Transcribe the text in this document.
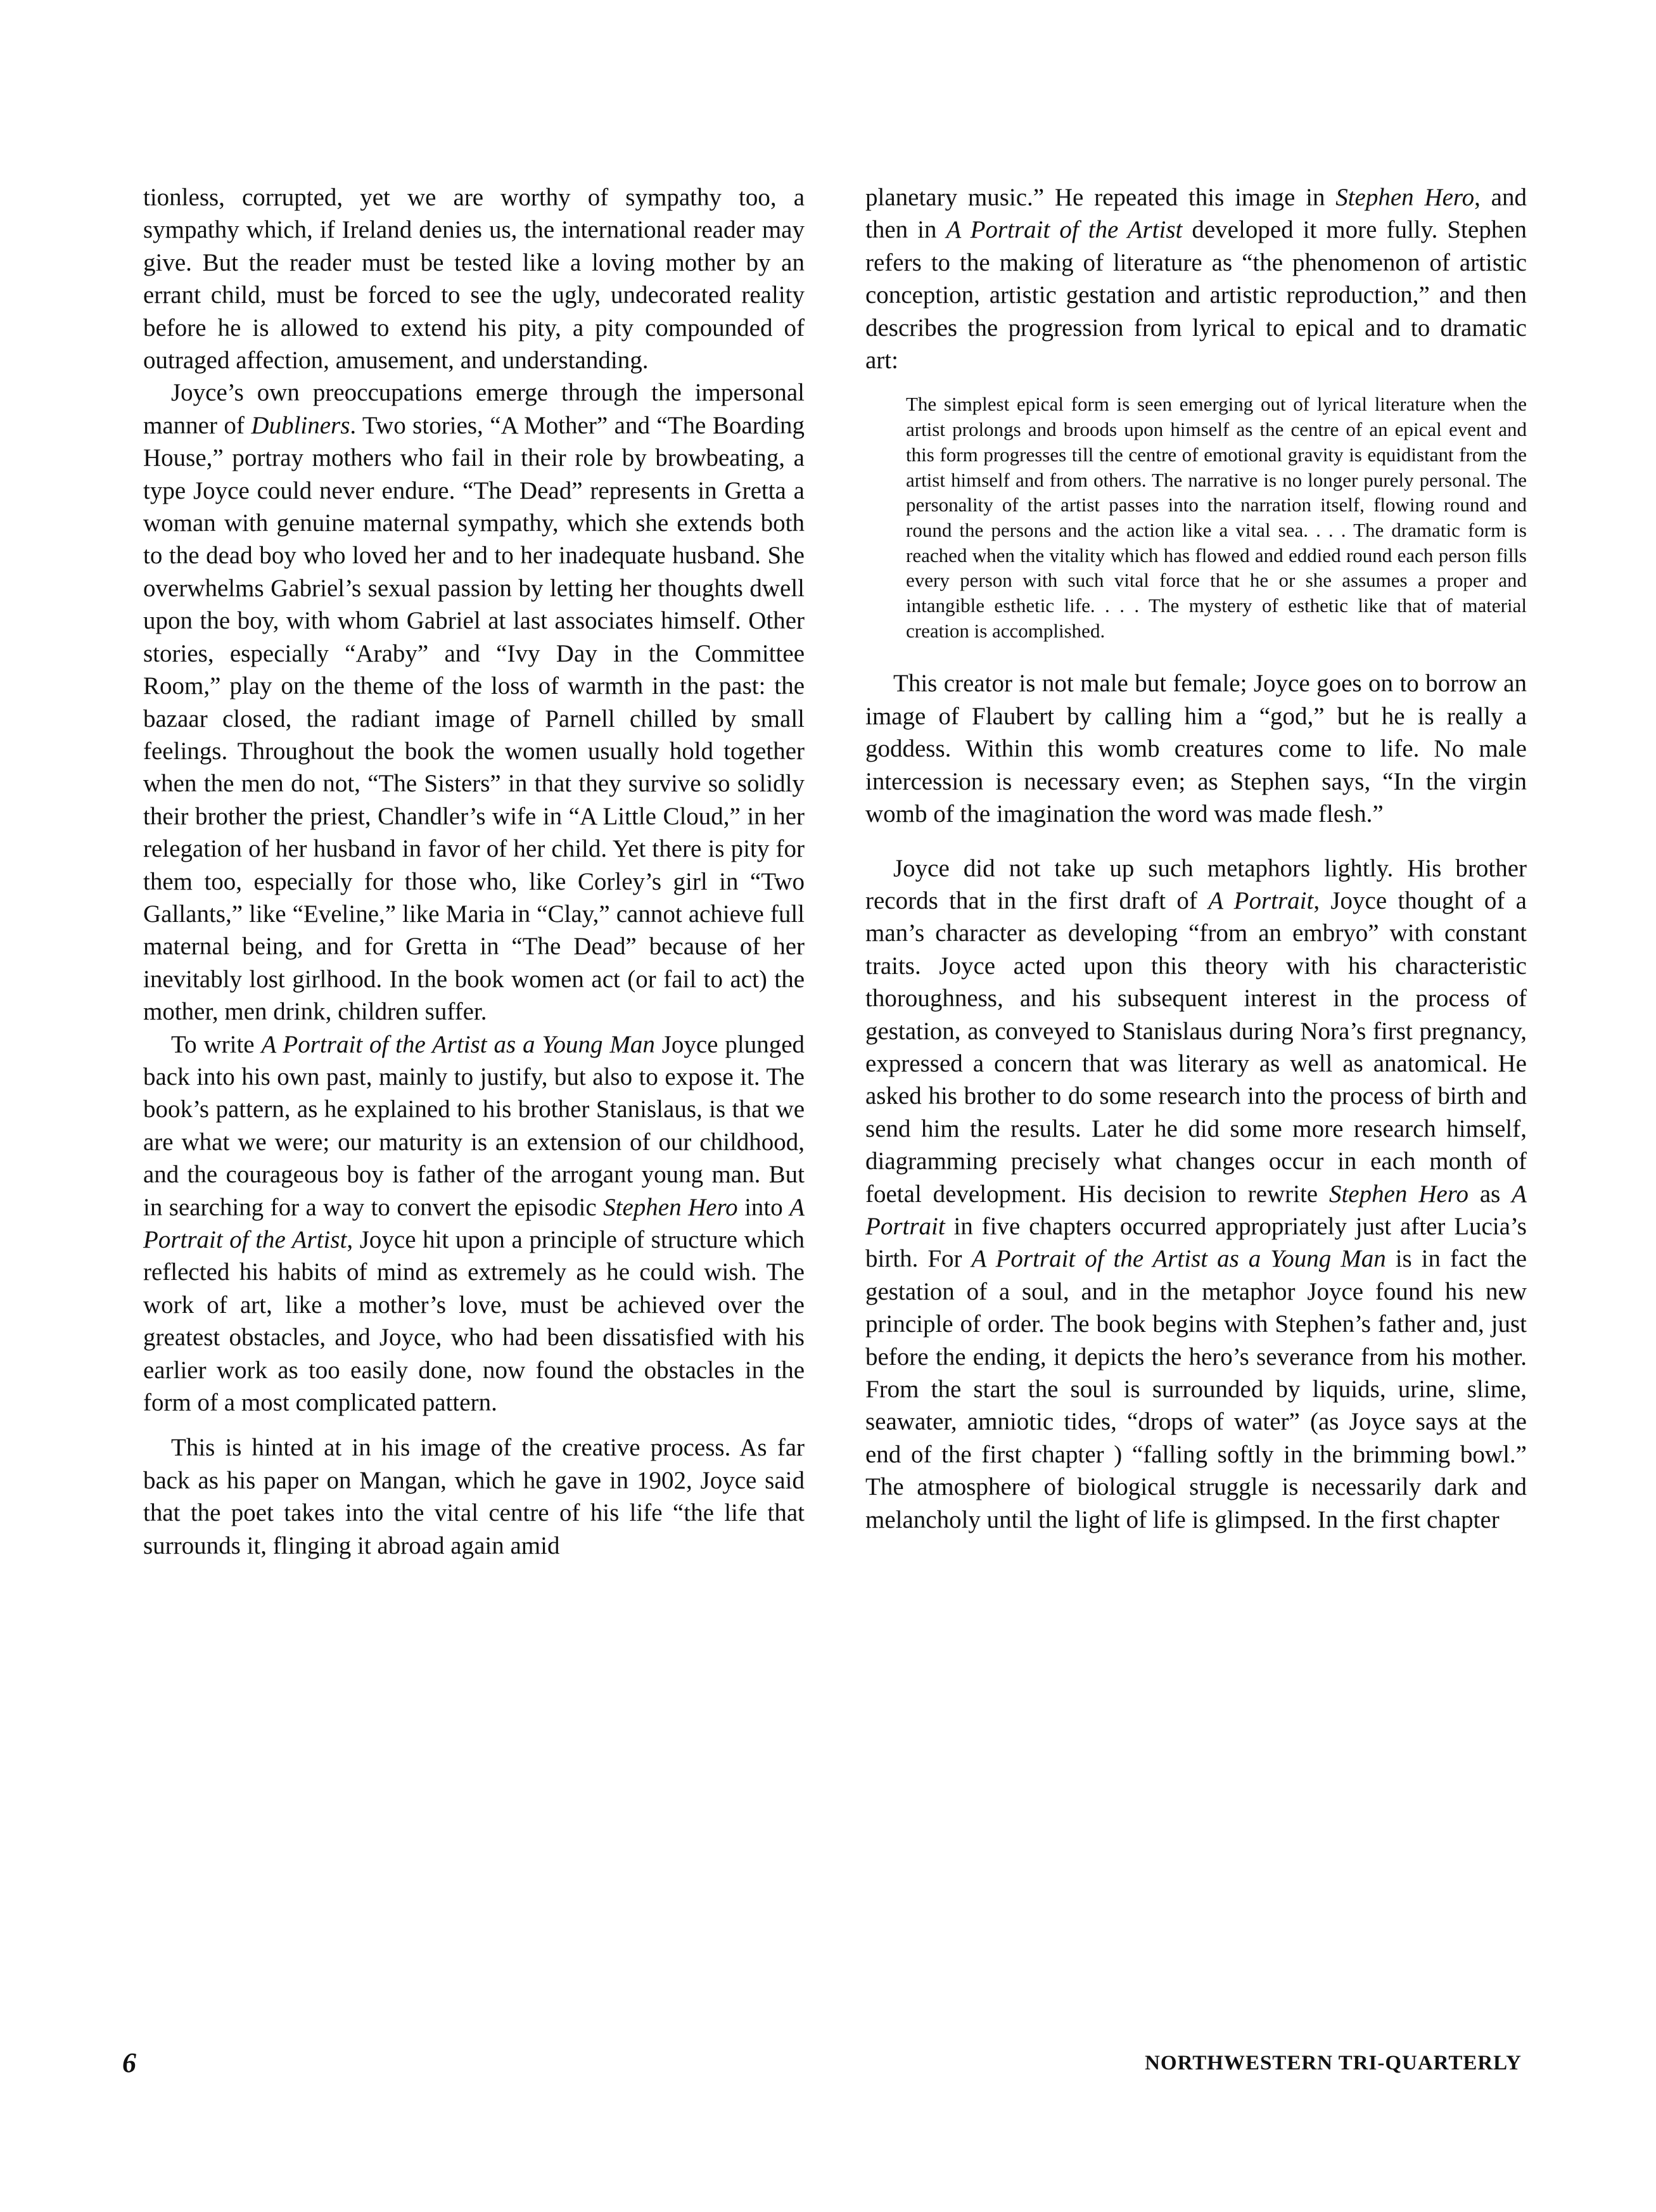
tionless, corrupted, yet we are worthy of sympathy too, a sympathy which, if Ireland denies us, the international reader may give. But the reader must be tested like a loving mother by an errant child, must be forced to see the ugly, undecorated reality before he is allowed to extend his pity, a pity compounded of outraged affection, amusement, and understanding.

Joyce’s own preoccupations emerge through the impersonal manner of Dubliners. Two stories, “A Mother” and “The Boarding House,” portray mothers who fail in their role by browbeating, a type Joyce could never endure. “The Dead” represents in Gretta a woman with genuine maternal sympathy, which she extends both to the dead boy who loved her and to her inadequate husband. She overwhelms Gabriel’s sexual passion by letting her thoughts dwell upon the boy, with whom Gabriel at last associates himself. Other stories, especially “Araby” and “Ivy Day in the Committee Room,” play on the theme of the loss of warmth in the past: the bazaar closed, the radiant image of Parnell chilled by small feelings. Throughout the book the women usually hold together when the men do not, “The Sisters” in that they survive so solidly their brother the priest, Chandler’s wife in “A Little Cloud,” in her relegation of her husband in favor of her child. Yet there is pity for them too, especially for those who, like Corley’s girl in “Two Gallants,” like “Eveline,” like Maria in “Clay,” cannot achieve full maternal being, and for Gretta in “The Dead” because of her inevitably lost girlhood. In the book women act (or fail to act) the mother, men drink, children suffer.

To write A Portrait of the Artist as a Young Man Joyce plunged back into his own past, mainly to justify, but also to expose it. The book’s pattern, as he explained to his brother Stanislaus, is that we are what we were; our maturity is an extension of our childhood, and the courageous boy is father of the arrogant young man. But in searching for a way to convert the episodic Stephen Hero into A Portrait of the Artist, Joyce hit upon a principle of structure which reflected his habits of mind as extremely as he could wish. The work of art, like a mother’s love, must be achieved over the greatest obstacles, and Joyce, who had been dissatisfied with his earlier work as too easily done, now found the obstacles in the form of a most complicated pattern.

This is hinted at in his image of the creative process. As far back as his paper on Mangan, which he gave in 1902, Joyce said that the poet takes into the vital centre of his life “the life that surrounds it, flinging it abroad again amid

planetary music.” He repeated this image in Stephen Hero, and then in A Portrait of the Artist developed it more fully. Stephen refers to the making of literature as “the phenomenon of artistic conception, artistic gestation and artistic reproduction,” and then describes the progression from lyrical to epical and to dramatic art:

The simplest epical form is seen emerging out of lyrical literature when the artist prolongs and broods upon himself as the centre of an epical event and this form progresses till the centre of emotional gravity is equidistant from the artist himself and from others. The narrative is no longer purely personal. The personality of the artist passes into the narration itself, flowing round and round the persons and the action like a vital sea. . . . The dramatic form is reached when the vitality which has flowed and eddied round each person fills every person with such vital force that he or she assumes a proper and intangible esthetic life. . . . The mystery of esthetic like that of material creation is accomplished.

This creator is not male but female; Joyce goes on to borrow an image of Flaubert by calling him a “god,” but he is really a goddess. Within this womb creatures come to life. No male intercession is necessary even; as Stephen says, “In the virgin womb of the imagination the word was made flesh.”

Joyce did not take up such metaphors lightly. His brother records that in the first draft of A Portrait, Joyce thought of a man’s character as developing “from an embryo” with constant traits. Joyce acted upon this theory with his characteristic thoroughness, and his subsequent interest in the process of gestation, as conveyed to Stanislaus during Nora’s first pregnancy, expressed a concern that was literary as well as anatomical. He asked his brother to do some research into the process of birth and send him the results. Later he did some more research himself, diagramming precisely what changes occur in each month of foetal development. His decision to rewrite Stephen Hero as A Portrait in five chapters occurred appropriately just after Lucia’s birth. For A Portrait of the Artist as a Young Man is in fact the gestation of a soul, and in the metaphor Joyce found his new principle of order. The book begins with Stephen’s father and, just before the ending, it depicts the hero’s severance from his mother. From the start the soul is surrounded by liquids, urine, slime, seawater, amniotic tides, “drops of water” (as Joyce says at the end of the first chapter ) “falling softly in the brimming bowl.” The atmosphere of biological struggle is necessarily dark and melancholy until the light of life is glimpsed. In the first chapter

6	NORTHWESTERN TRI-QUARTERLY
